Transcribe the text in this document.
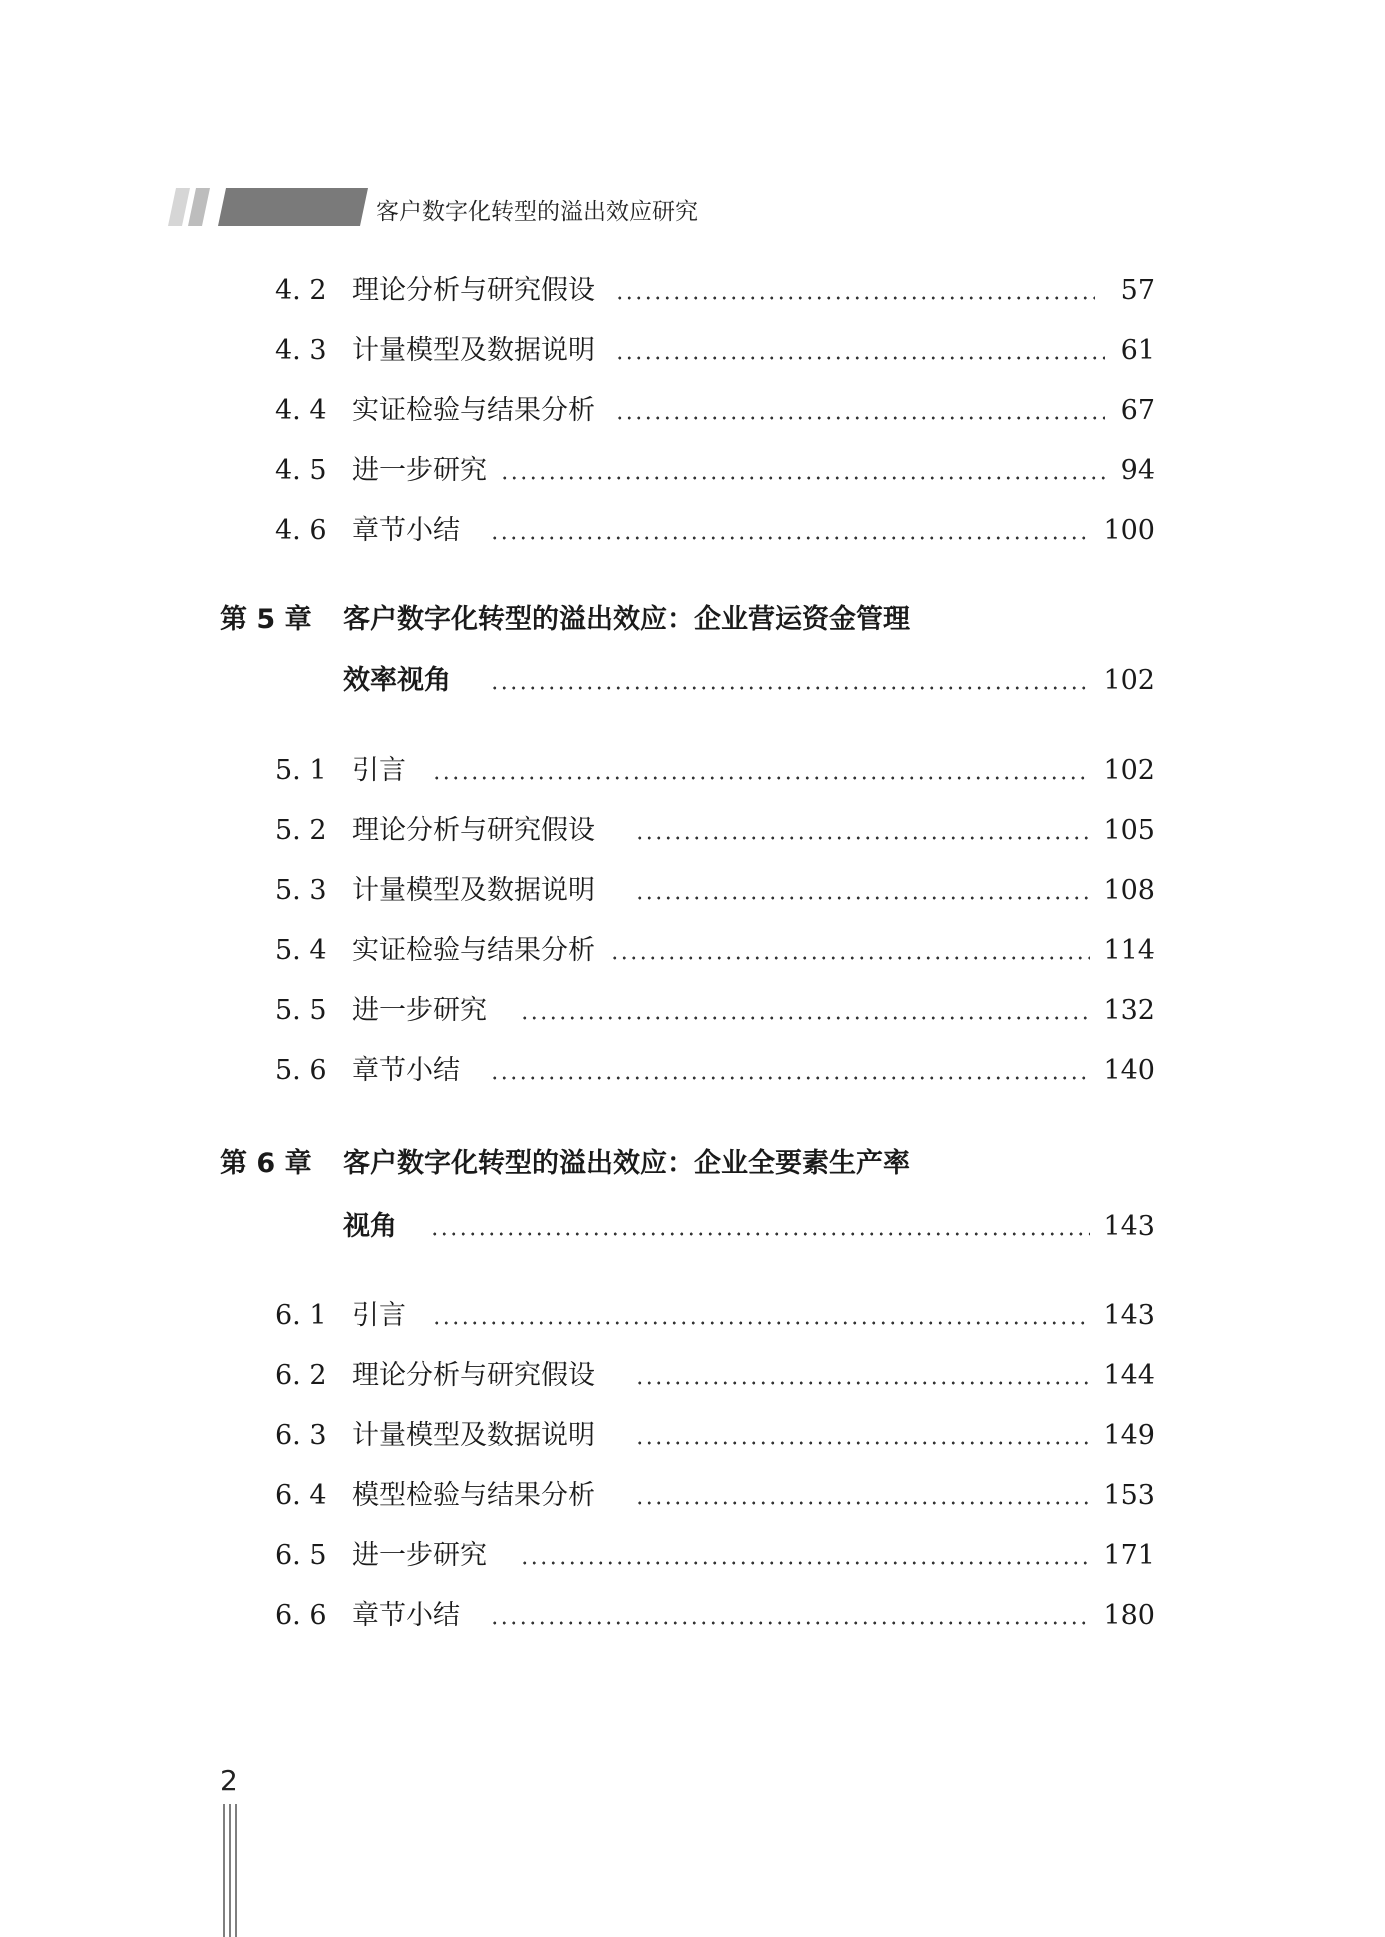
客户数字化转型的溢出效应研究
4. 2 理论分析与研究假设	57
4. 3 计量模型及数据说明	61
4. 4 实证检验与结果分析	67
4. 5 进一步研究	94
4. 6 章节小结	100
第 5 章 客户数字化转型的溢出效应：企业营运资金管理
效率视角	102
5. 1 引言	102
5. 2 理论分析与研究假设	105
5. 3 计量模型及数据说明	108
5. 4 实证检验与结果分析	114
5. 5 进一步研究	132
5. 6 章节小结	140
第 6 章 客户数字化转型的溢出效应：企业全要素生产率
视角	143
6. 1 引言	143
6. 2 理论分析与研究假设	144
6. 3 计量模型及数据说明	149
6. 4 模型检验与结果分析	153
6. 5 进一步研究	171
6. 6 章节小结	180
2
